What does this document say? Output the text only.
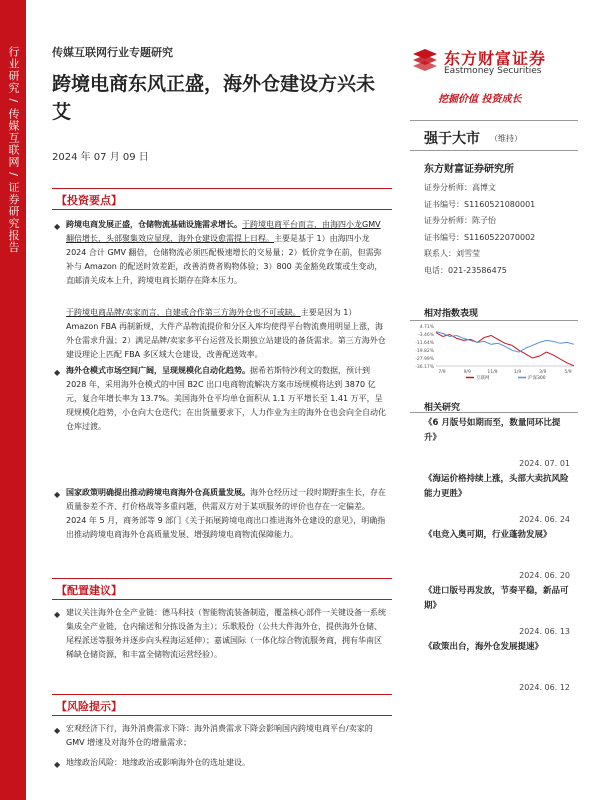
行业研究 / 传媒互联网 / 证券研究报告	传媒互联网行业专题研究
跨境电商东风正盛，海外仓建设方兴未艾
2024 年 07 月 09 日
东方财富证券
Eastmoney Securities
挖掘价值 投资成长
强于大市 （维持）
东方财富证券研究所
证券分析师：高博文
证书编号：S1160521080001
证券分析师：陈子怡
证书编号：S1160522070002
联系人：刘雪莹
电话：021-23586475
相对指数表现
4.71%
-3.46%
-11.64%
-19.82%
-27.99%
-36.17%
7/9	9/9	11/9	1/9	3/9	5/9
互联网	沪深300
相关研究
《6 月版号如期而至，数量同环比提升》
2024. 07. 01
《海运价格持续上涨，头部大卖抗风险能力更胜》
2024. 06. 24
《电竞入奥可期，行业蓬勃发展》
2024. 06. 20
《进口版号再发放，节奏平稳，新品可期》
2024. 06. 13
《政策出台，海外仓发展提速》
2024. 06. 12
【投资要点】
◆ 跨境电商发展正盛，仓储物流基础设施需求增长。于跨境电商平台而言，由海四小龙GMV翻倍增长，头部聚集效应显现，海外仓建设愈需提上日程。主要是基于 1）由海四小龙 2024 合计 GMV 翻倍，仓储物流必须匹配极速增长的交易量；2）低价竞争在前，但需弥补与 Amazon 的配送时效差距，改善消费者购物体验；3）800 美金豁免政策或生变动，直邮清关成本上升，跨境电商长期存在降本压力。
于跨境电商品牌/卖家而言，自建或合作第三方海外仓也不可或缺。主要是因为 1）Amazon FBA 再制新规，大件产品物流提价和分区入库均使得平台物流费用明显上涨，海外仓需求升温；2）满足品牌/卖家多平台运营及长期独立站建设的备货需求。第三方海外仓建设理论上匹配 FBA 多区域大仓建设，改善配送效率。
◆ 海外仓模式市场空间广阔，呈现规模化自动化趋势。据希若斯特沙利文的数据，预计到 2028 年，采用海外仓模式的中国 B2C 出口电商物流解决方案市场规模将达到 3870 亿元，复合年增长率为 13.7%。美国海外仓平均单仓面积从 1.1 万平增长至 1.41 万平，呈现规模化趋势，小仓向大仓迭代；在出货量要求下，人力作业为主的海外仓也会向全自动化仓库过渡。
◆ 国家政策明确提出推动跨境电商海外仓高质量发展。海外仓经历过一段时期野蛮生长，存在质量参差不齐、打价格战等多重问题，供需双方对于某项服务的评价也存在一定偏差。2024 年 5 月，商务部等 9 部门《关于拓展跨境电商出口推进海外仓建设的意见》，明确指出推动跨境电商海外仓高质量发展、增强跨境电商物流保障能力。
【配置建议】
◆ 建议关注海外仓全产业链：德马科技（智能物流装备制造，覆盖核心部件一关键设备一系统集成全产业链，仓内输送和分拣设备为主）；乐歌股份（公共大件海外仓，提供海外仓储、尾程派送等服务并逐步向头程海运延伸）；嘉诚国际（一体化综合物流服务商，拥有华南区稀缺仓储资源，和丰富全储物流运营经验）。
【风险提示】
◆ 宏观经济下行，海外消费需求下降：海外消费需求下降会影响国内跨境电商平台/卖家的 GMV 增速及对海外仓的增量需求；
◆ 地缘政治风险：地缘政治或影响海外仓的选址建设。
